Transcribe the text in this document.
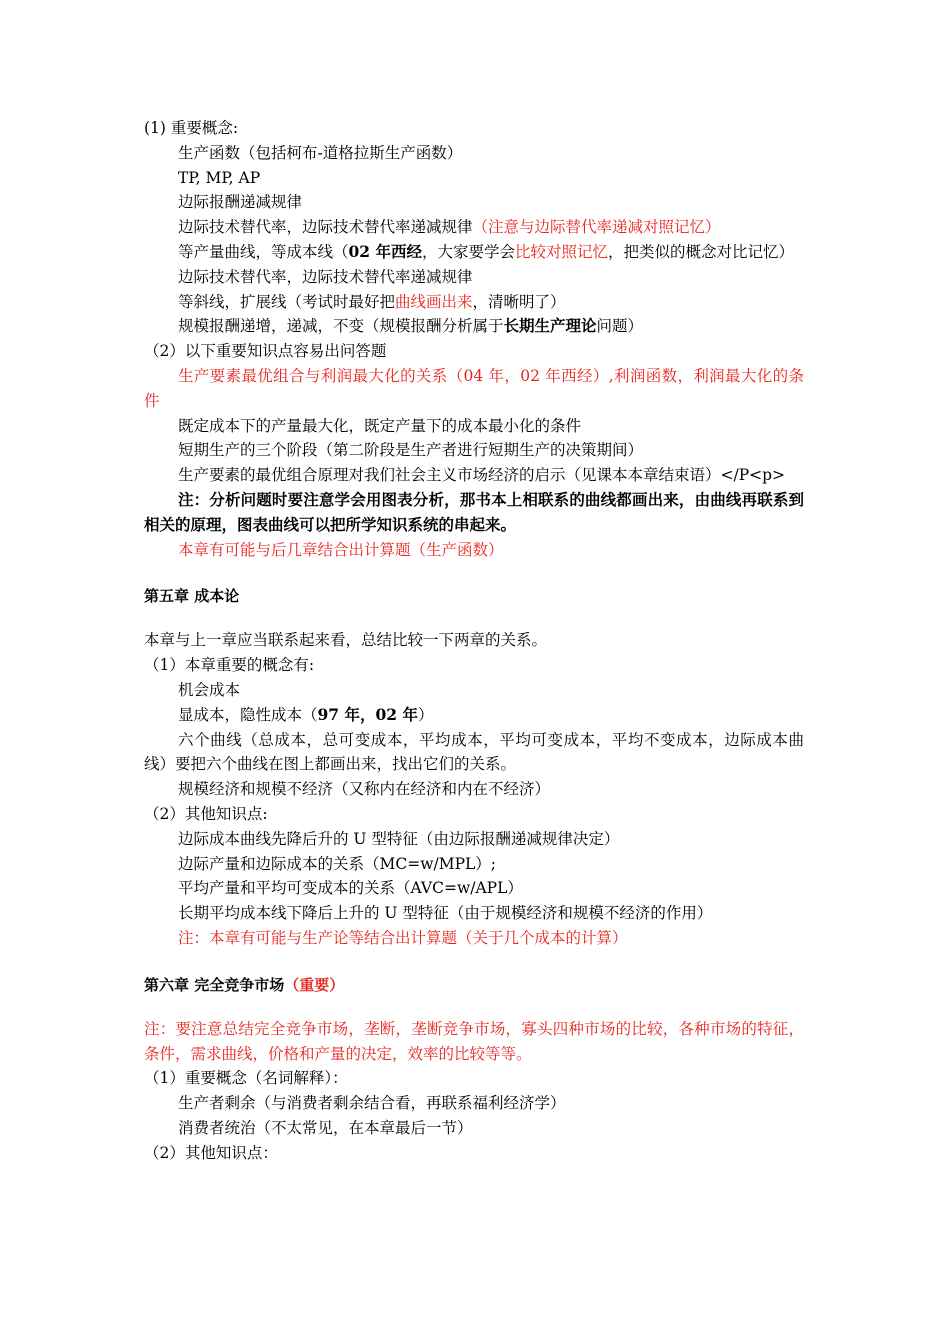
(1) 重要概念:
生产函数（包括柯布-道格拉斯生产函数）
TP, MP, AP
边际报酬递减规律
边际技术替代率，边际技术替代率递减规律（注意与边际替代率递减对照记忆）
等产量曲线，等成本线（02 年西经，大家要学会比较对照记忆，把类似的概念对比记忆）
边际技术替代率，边际技术替代率递减规律
等斜线，扩展线（考试时最好把曲线画出来，清晰明了）
规模报酬递增，递减，不变（规模报酬分析属于长期生产理论问题）
（2）以下重要知识点容易出问答题
生产要素最优组合与利润最大化的关系（04 年，02 年西经）,利润函数，利润最大化的条件
既定成本下的产量最大化，既定产量下的成本最小化的条件
短期生产的三个阶段（第二阶段是生产者进行短期生产的决策期间）
生产要素的最优组合原理对我们社会主义市场经济的启示（见课本本章结束语）</P<p>
注：分析问题时要注意学会用图表分析，那书本上相联系的曲线都画出来，由曲线再联系到相关的原理，图表曲线可以把所学知识系统的串起来。
本章有可能与后几章结合出计算题（生产函数）
第五章 成本论
本章与上一章应当联系起来看，总结比较一下两章的关系。
（1）本章重要的概念有:
机会成本
显成本，隐性成本（97 年，02 年）
六个曲线（总成本，总可变成本，平均成本，平均可变成本，平均不变成本，边际成本曲线）要把六个曲线在图上都画出来，找出它们的关系。
规模经济和规模不经济（又称内在经济和内在不经济）
（2）其他知识点:
边际成本曲线先降后升的 U 型特征（由边际报酬递减规律决定）
边际产量和边际成本的关系（MC=w/MPL）;
平均产量和平均可变成本的关系（AVC=w/APL）
长期平均成本线下降后上升的 U 型特征（由于规模经济和规模不经济的作用）
注：本章有可能与生产论等结合出计算题（关于几个成本的计算）
第六章 完全竞争市场（重要）
注：要注意总结完全竞争市场，垄断，垄断竞争市场，寡头四种市场的比较，各种市场的特征，条件，需求曲线，价格和产量的决定，效率的比较等等。
（1）重要概念（名词解释）：
生产者剩余（与消费者剩余结合看，再联系福利经济学）
消费者统治（不太常见，在本章最后一节）
（2）其他知识点：
